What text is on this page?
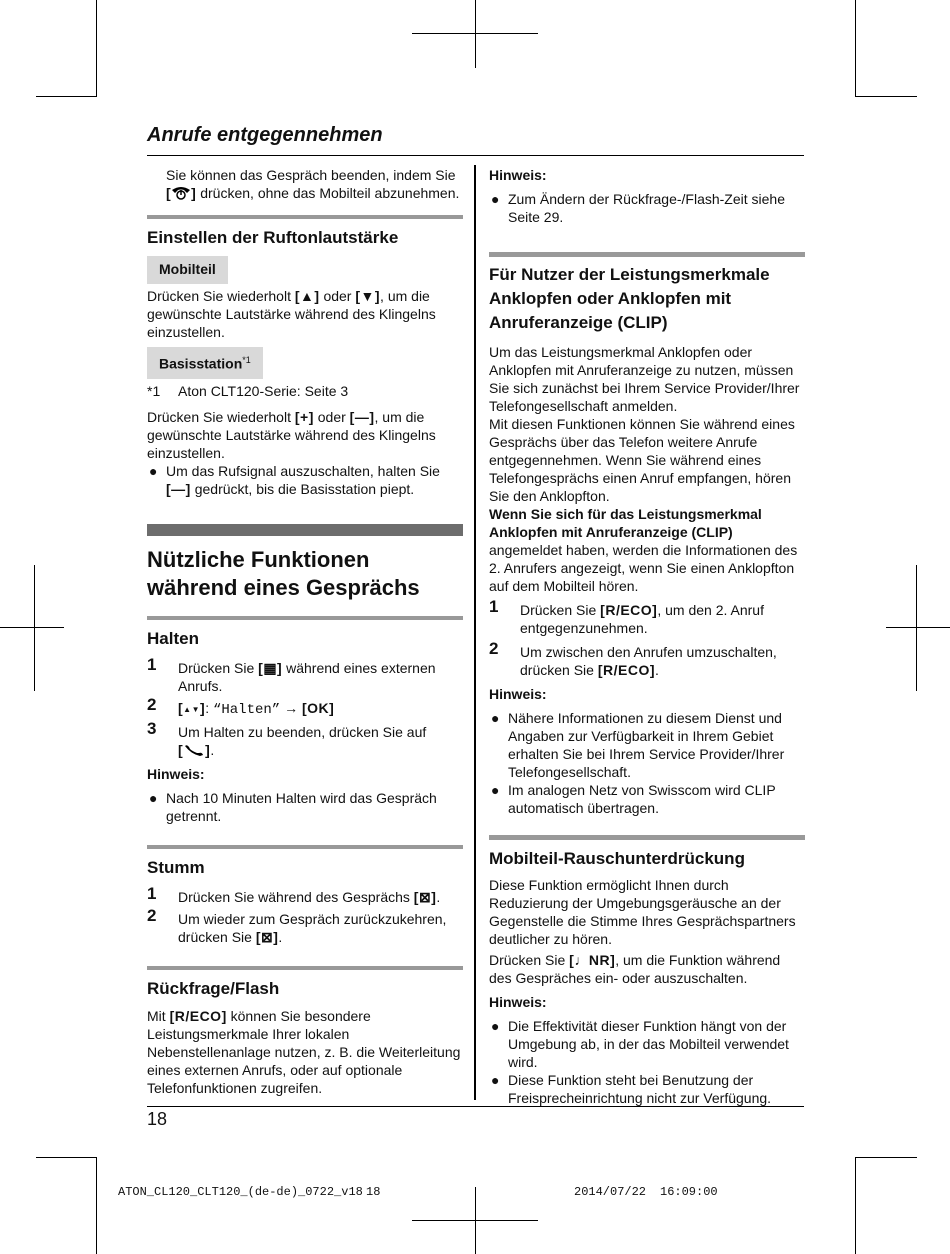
Anrufe entgegennehmen
Sie können das Gespräch beenden, indem Sie
[ ] drücken, ohne das Mobilteil abzunehmen.
Einstellen der Ruftonlautstärke
Mobilteil
Drücken Sie wiederholt [▲] oder [▼], um die gewünschte Lautstärke während des Klingelns einzustellen.
Basisstation$^{*1}$
*1 Aton CLT120-Serie: Seite 3
Drücken Sie wiederholt [+] oder [—], um die gewünschte Lautstärke während des Klingelns einzustellen.
● Um das Rufsignal auszuschalten, halten Sie [—] gedrückt, bis die Basisstation piept.
Nützliche Funktionen
während eines Gesprächs
Halten
1 Drücken Sie [▦] während eines externen Anrufs.
2 [▲▼]: “Halten” → [OK]
3 Um Halten zu beenden, drücken Sie auf
[ ].
Hinweis:
● Nach 10 Minuten Halten wird das Gespräch getrennt.
Stumm
1 Drücken Sie während des Gesprächs [⊠].
2 Um wieder zum Gespräch zurückzukehren, drücken Sie [⊠].
Rückfrage/Flash
Mit [R/ECO] können Sie besondere Leistungsmerkmale Ihrer lokalen Nebenstellenanlage nutzen, z. B. die Weiterleitung eines externen Anrufs, oder auf optionale Telefonfunktionen zugreifen.
Hinweis:
● Zum Ändern der Rückfrage-/Flash-Zeit siehe Seite 29.
Für Nutzer der Leistungsmerkmale
Anklopfen oder Anklopfen mit
Anruferanzeige (CLIP)
Um das Leistungsmerkmal Anklopfen oder Anklopfen mit Anruferanzeige zu nutzen, müssen Sie sich zunächst bei Ihrem Service Provider/Ihrer Telefongesellschaft anmelden.
Mit diesen Funktionen können Sie während eines Gesprächs über das Telefon weitere Anrufe entgegennehmen. Wenn Sie während eines Telefongesprächs einen Anruf empfangen, hören Sie den Anklopfton.
Wenn Sie sich für das Leistungsmerkmal Anklopfen mit Anruferanzeige (CLIP) angemeldet haben, werden die Informationen des 2. Anrufers angezeigt, wenn Sie einen Anklopfton auf dem Mobilteil hören.
1 Drücken Sie [R/ECO], um den 2. Anruf entgegenzunehmen.
2 Um zwischen den Anrufen umzuschalten, drücken Sie [R/ECO].
Hinweis:
● Nähere Informationen zu diesem Dienst und Angaben zur Verfügbarkeit in Ihrem Gebiet erhalten Sie bei Ihrem Service Provider/Ihrer Telefongesellschaft.
● Im analogen Netz von Swisscom wird CLIP automatisch übertragen.
Mobilteil-Rauschunterdrückung
Diese Funktion ermöglicht Ihnen durch Reduzierung der Umgebungsgeräusche an der Gegenstelle die Stimme Ihres Gesprächspartners deutlicher zu hören.
Drücken Sie [♩NR], um die Funktion während des Gespräches ein- oder auszuschalten.
Hinweis:
● Die Effektivität dieser Funktion hängt von der Umgebung ab, in der das Mobilteil verwendet wird.
● Diese Funktion steht bei Benutzung der Freisprecheinrichtung nicht zur Verfügung.
18
ATON_CL120_CLT120_(de-de)_0722_v18 18	2014/07/22 16:09:00
